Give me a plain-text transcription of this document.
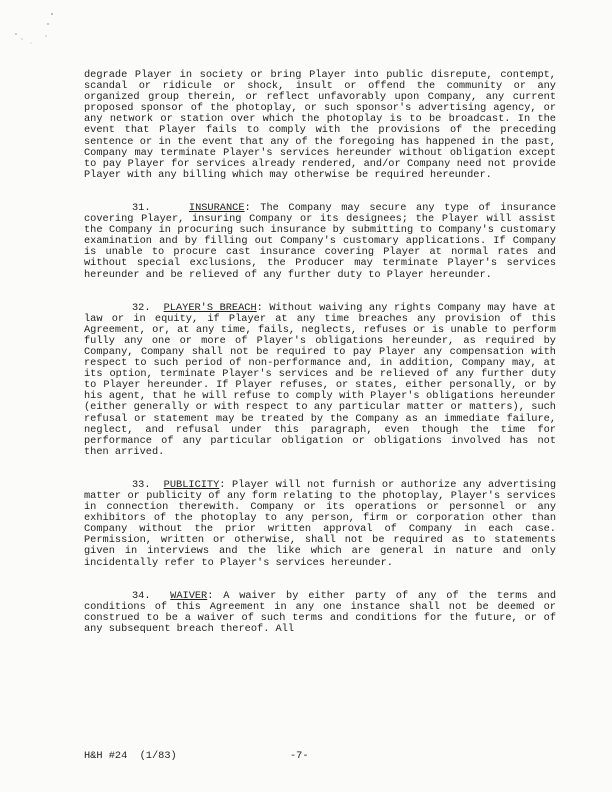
degrade Player in society or bring Player into public disrepute, contempt, scandal or ridicule or shock, insult or offend the community or any organized group therein, or reflect unfavorably upon Company, any current proposed sponsor of the photoplay, or such sponsor's advertising agency, or any network or station over which the photoplay is to be broadcast. In the event that Player fails to comply with the provisions of the preceding sentence or in the event that any of the foregoing has happened in the past, Company may terminate Player's services hereunder without obligation except to pay Player for services already rendered, and/or Company need not provide Player with any billing which may otherwise be required hereunder.

31.	INSURANCE: The Company may secure any type of insurance covering Player, insuring Company or its designees; the Player will assist the Company in procuring such insurance by submitting to Company's customary examination and by filling out Company's customary applications. If Company is unable to procure cast insurance covering Player at normal rates and without special exclusions, the Producer may terminate Player's services hereunder and be relieved of any further duty to Player hereunder.

32. PLAYER'S BREACH: Without waiving any rights Company may have at law or in equity, if Player at any time breaches any provision of this Agreement, or, at any time, fails, neglects, refuses or is unable to perform fully any one or more of Player's obligations hereunder, as required by Company, Company shall not be required to pay Player any compensation with respect to such period of non-performance and, in addition, Company may, at its option, terminate Player's services and be relieved of any further duty to Player hereunder. If Player refuses, or states, either personally, or by his agent, that he will refuse to comply with Player's obligations hereunder (either generally or with respect to any particular matter or matters), such refusal or statement may be treated by the Company as an immediate failure, neglect, and refusal under this paragraph, even though the time for performance of any particular obligation or obligations involved has not then arrived.

33. PUBLICITY: Player will not furnish or authorize any advertising matter or publicity of any form relating to the photoplay, Player's services in connection therewith. Company or its operations or personnel or any exhibitors of the photoplay to any person, firm or corporation other than Company without the prior written approval of Company in each case. Permission, written or otherwise, shall not be required as to statements given in interviews and the like which are general in nature and only incidentally refer to Player's services hereunder.

34. WAIVER: A waiver by either party of any of the terms and conditions of this Agreement in any one instance shall not be deemed or construed to be a waiver of such terms and conditions for the future, or of any subsequent breach thereof. All

H&H #24  (1/83)	-7-
